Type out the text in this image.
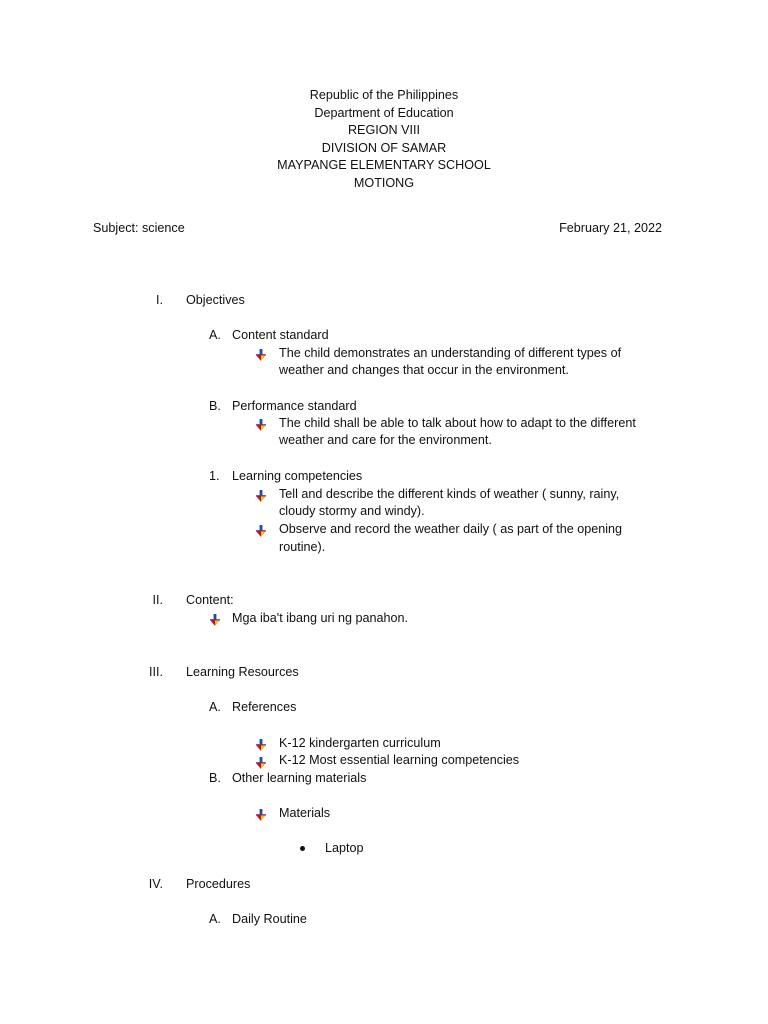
Republic of the Philippines
Department of Education
REGION VIII
DIVISION OF SAMAR
MAYPANGE ELEMENTARY SCHOOL
MOTIONG
Subject: science	February 21, 2022
I. Objectives
A. Content standard
The child demonstrates an understanding of different types of
weather and changes that occur in the environment.
B. Performance standard
The child shall be able to talk about how to adapt to the different
weather and care for the environment.
1. Learning competencies
Tell and describe the different kinds of weather ( sunny, rainy,
cloudy stormy and windy).
Observe and record the weather daily ( as part of the opening
routine).
II. Content:
Mga iba't ibang uri ng panahon.
III. Learning Resources
A. References
K-12 kindergarten curriculum
K-12 Most essential learning competencies
B. Other learning materials
Materials
Laptop
IV. Procedures
A. Daily Routine
